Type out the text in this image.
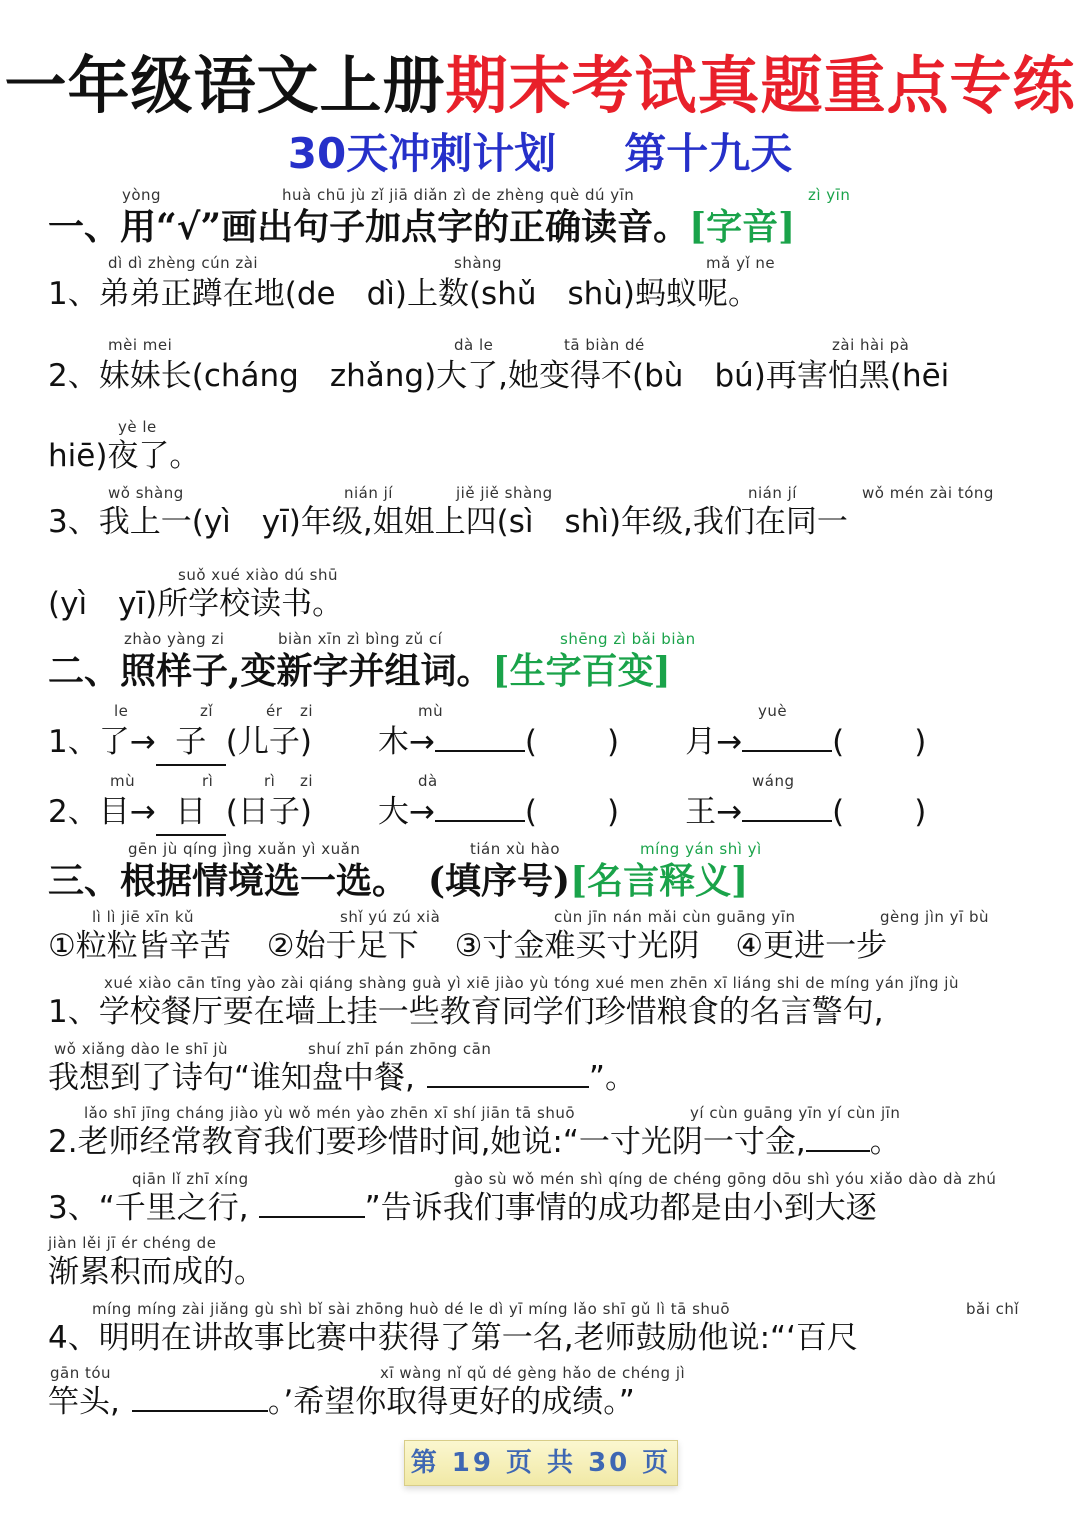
一年级语文上册期末考试真题重点专练
30天冲刺计划 第十九天
yòng	huà chū jù zǐ jiā diǎn zì de zhèng què dú yīn	zì yīn
一、用“√”画出句子加点字的正确读音。[字音]
dì dì zhèng cún zài	shàng	mǎ yǐ ne
1、弟弟正蹲在地(de　dì)上数(shǔ　shù)蚂蚁呢。
mèi mei	dà le	tā biàn dé	zài hài pà
2、妹妹长(cháng　zhǎng)大了,她变得不(bù　bú)再害怕黑(hēi
yè le
hiē)夜了。
wǒ shàng	nián jí	jiě jiě shàng	nián jí	wǒ mén zài tóng
3、我上一(yì　yī)年级,姐姐上四(sì　shì)年级,我们在同一
suǒ xué xiào dú shū
(yì　yī)所学校读书。
zhào yàng zi	biàn xīn zì bìng zǔ cí	shēng zì bǎi biàn
二、照样子,变新字并组词。[生字百变]
le	zǐ	ér zi	mù	yuè
1、了→ 子 (儿子) 木→	( ) 月→	( )
mù	rì	rì zi	dà	wáng
2、目→ 日 (日子) 大→	( ) 王→	( )
gēn jù qíng jìng xuǎn yì xuǎn	tián xù hào	míng yán shì yì
三、根据情境选一选。 (填序号)[名言释义]
lì lì jiē xīn kǔ	shǐ yú zú xià	cùn jīn nán mǎi cùn guāng yīn	gèng jìn yī bù
①粒粒皆辛苦 ②始于足下 ③寸金难买寸光阴 ④更进一步
xué xiào cān tīng yào zài qiáng shàng guà yì xiē jiào yù tóng xué men zhēn xī liáng shi de míng yán jǐng jù
1、学校餐厅要在墙上挂一些教育同学们珍惜粮食的名言警句,
wǒ xiǎng dào le shī jù	shuí zhī pán zhōng cān
我想到了诗句“谁知盘中餐,	”。
lǎo shī jīng cháng jiào yù wǒ mén yào zhēn xī shí jiān tā shuō	yí cùn guāng yīn yí cùn jīn
2.老师经常教育我们要珍惜时间,她说:“一寸光阴一寸金, 。
qiān lǐ zhī xíng	gào sù wǒ mén shì qíng de chéng gōng dōu shì yóu xiǎo dào dà zhú
3、“千里之行,	”告诉我们事情的成功都是由小到大逐
jiàn lěi jī ér chéng de
渐累积而成的。
míng míng zài jiǎng gù shì bǐ sài zhōng huò dé le dì yī míng lǎo shī gǔ lì tā shuō	bǎi chǐ
4、明明在讲故事比赛中获得了第一名,老师鼓励他说:“‘百尺
gān tóu	xī wàng nǐ qǔ dé gèng hǎo de chéng jì
竿头,	。’希望你取得更好的成绩。”
第 19 页 共 30 页
